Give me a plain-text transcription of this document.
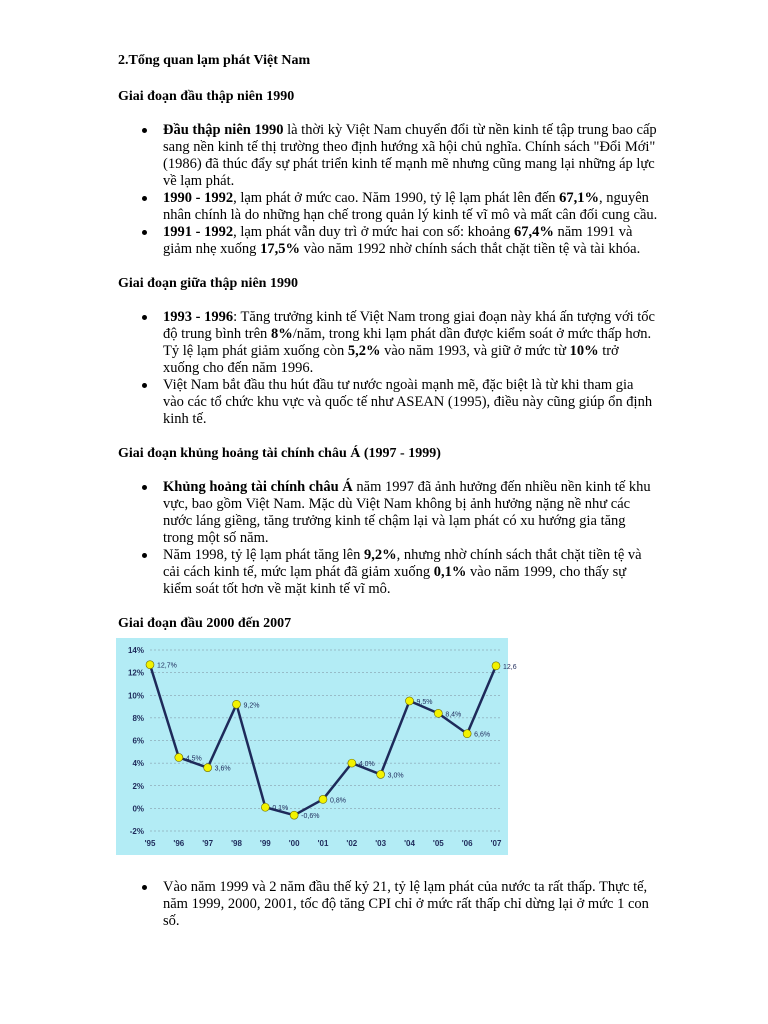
2.Tổng quan lạm phát Việt Nam
Giai đoạn đầu thập niên 1990
Đầu thập niên 1990 là thời kỳ Việt Nam chuyển đổi từ nền kinh tế tập trung bao cấp sang nền kinh tế thị trường theo định hướng xã hội chủ nghĩa. Chính sách "Đổi Mới" (1986) đã thúc đẩy sự phát triển kinh tế mạnh mẽ nhưng cũng mang lại những áp lực về lạm phát.
1990 - 1992, lạm phát ở mức cao. Năm 1990, tỷ lệ lạm phát lên đến 67,1%, nguyên nhân chính là do những hạn chế trong quản lý kinh tế vĩ mô và mất cân đối cung cầu.
1991 - 1992, lạm phát vẫn duy trì ở mức hai con số: khoảng 67,4% năm 1991 và giảm nhẹ xuống 17,5% vào năm 1992 nhờ chính sách thắt chặt tiền tệ và tài khóa.
Giai đoạn giữa thập niên 1990
1993 - 1996: Tăng trưởng kinh tế Việt Nam trong giai đoạn này khá ấn tượng với tốc độ trung bình trên 8%/năm, trong khi lạm phát dần được kiểm soát ở mức thấp hơn. Tỷ lệ lạm phát giảm xuống còn 5,2% vào năm 1993, và giữ ở mức từ 10% trở xuống cho đến năm 1996.
Việt Nam bắt đầu thu hút đầu tư nước ngoài mạnh mẽ, đặc biệt là từ khi tham gia vào các tổ chức khu vực và quốc tế như ASEAN (1995), điều này cũng giúp ổn định kinh tế.
Giai đoạn khủng hoảng tài chính châu Á (1997 - 1999)
Khủng hoảng tài chính châu Á năm 1997 đã ảnh hưởng đến nhiều nền kinh tế khu vực, bao gồm Việt Nam. Mặc dù Việt Nam không bị ảnh hưởng nặng nề như các nước láng giềng, tăng trưởng kinh tế chậm lại và lạm phát có xu hướng gia tăng trong một số năm.
Năm 1998, tỷ lệ lạm phát tăng lên 9,2%, nhưng nhờ chính sách thắt chặt tiền tệ và cải cách kinh tế, mức lạm phát đã giảm xuống 0,1% vào năm 1999, cho thấy sự kiểm soát tốt hơn về mặt kinh tế vĩ mô.
Giai đoạn đầu 2000 đến 2007
14%
12%
10%
8%
6%
4%
2%
0%
-2%
'95 '96 '97 '98 '99 '00 '01 '02 '03 '04 '05 '06 '07
12,7%
4,5%
3,6%
9,2%
0,1%
-0,6%
0,8%
4,0%
3,0%
9,5%
8,4%
6,6%
12,6
Vào năm 1999 và 2 năm đầu thế kỷ 21, tỷ lệ lạm phát của nước ta rất thấp. Thực tế, năm 1999, 2000, 2001, tốc độ tăng CPI chỉ ở mức rất thấp chỉ dừng lại ở mức 1 con số.
